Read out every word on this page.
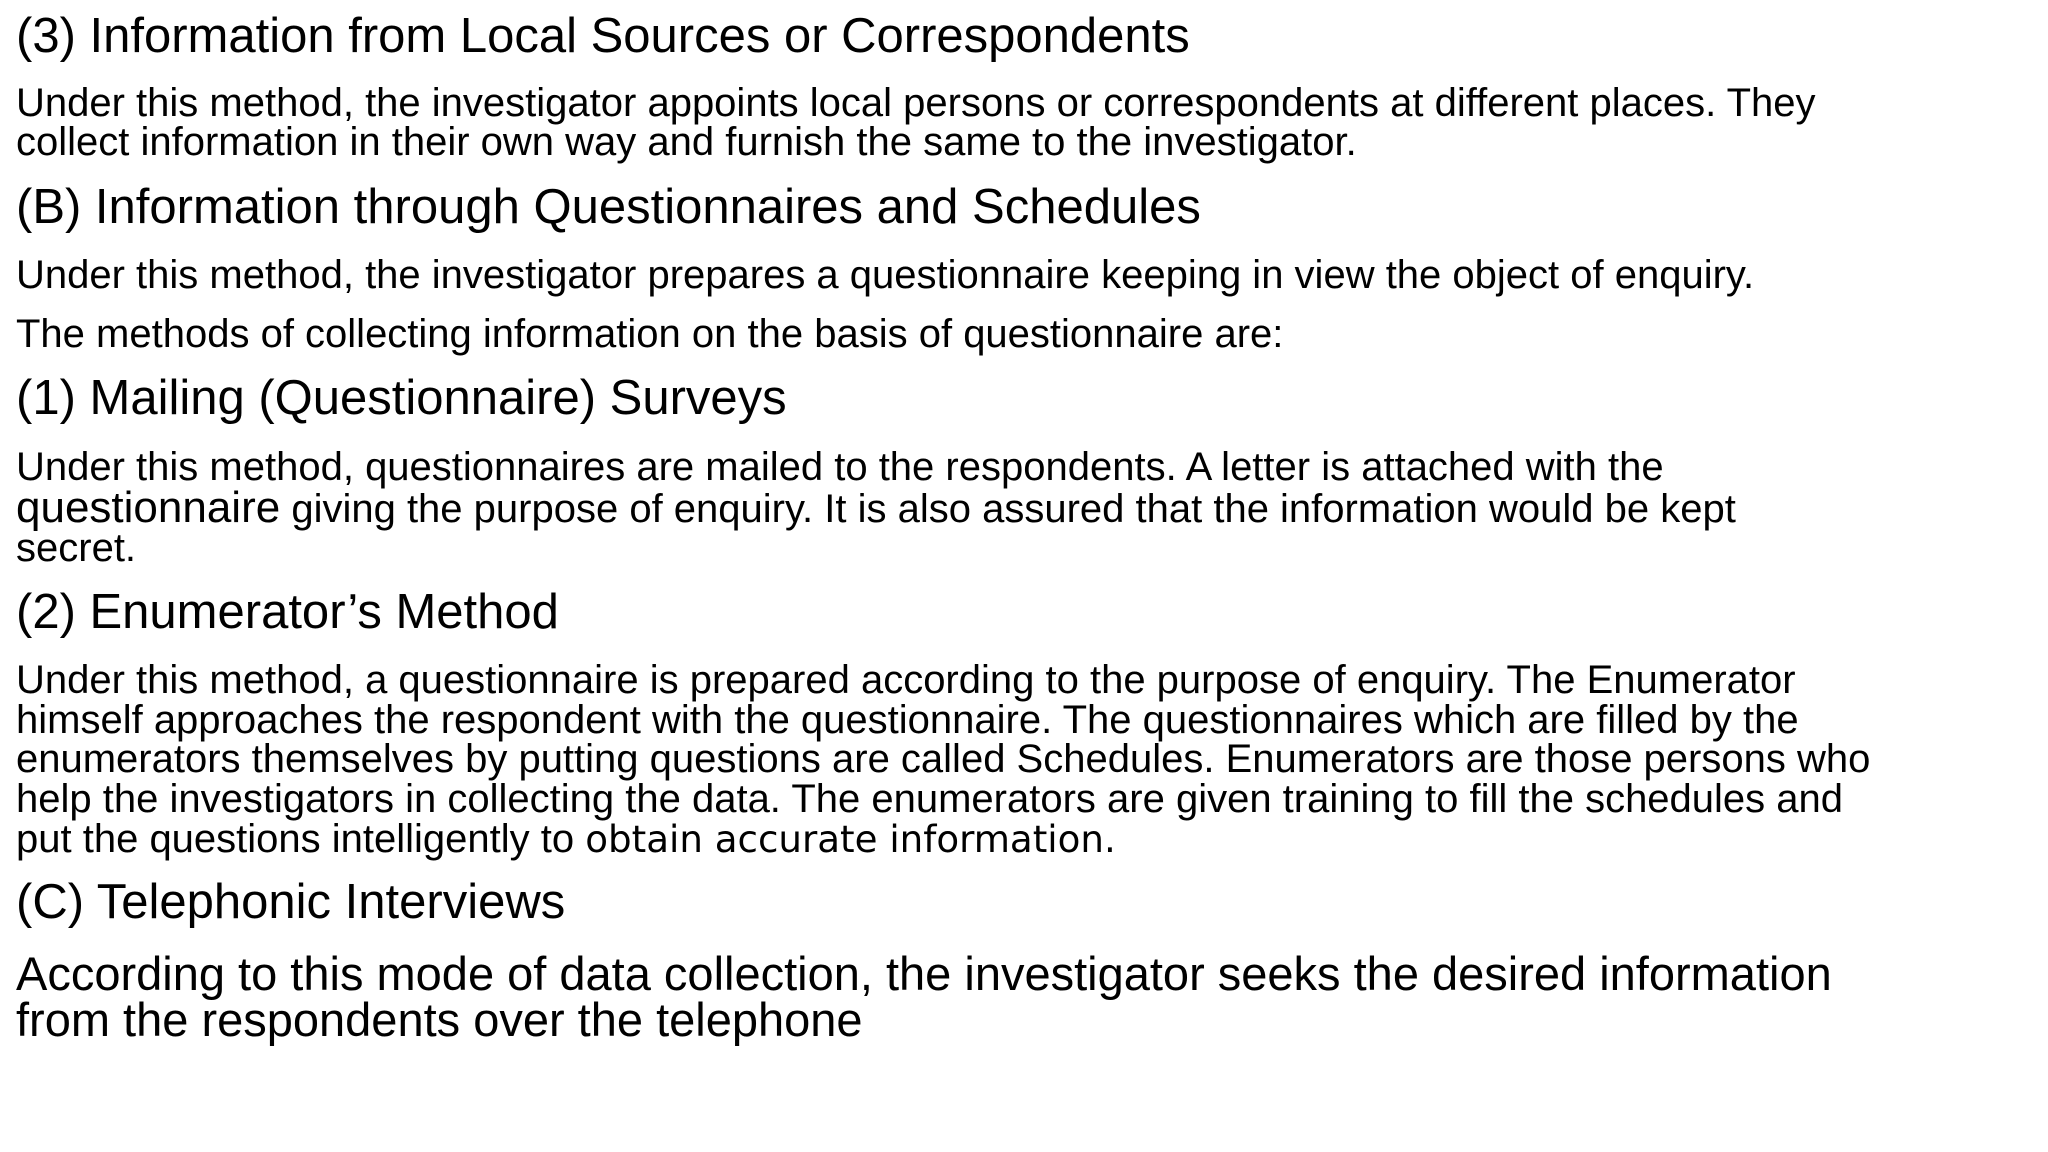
(3) Information from Local Sources or Correspondents
Under this method, the investigator appoints local persons or correspondents at different places. They
collect information in their own way and furnish the same to the investigator.
(B) Information through Questionnaires and Schedules
Under this method, the investigator prepares a questionnaire keeping in view the object of enquiry.
The methods of collecting information on the basis of questionnaire are:
(1) Mailing (Questionnaire) Surveys
Under this method, questionnaires are mailed to the respondents. A letter is attached with the
questionnaire giving the purpose of enquiry. It is also assured that the information would be kept
secret.
(2) Enumerator’s Method
Under this method, a questionnaire is prepared according to the purpose of enquiry. The Enumerator
himself approaches the respondent with the questionnaire. The questionnaires which are filled by the
enumerators themselves by putting questions are called Schedules. Enumerators are those persons who
help the investigators in collecting the data. The enumerators are given training to fill the schedules and
put the questions intelligently to obtain accurate information.
(C) Telephonic Interviews
According to this mode of data collection, the investigator seeks the desired information
from the respondents over the telephone
